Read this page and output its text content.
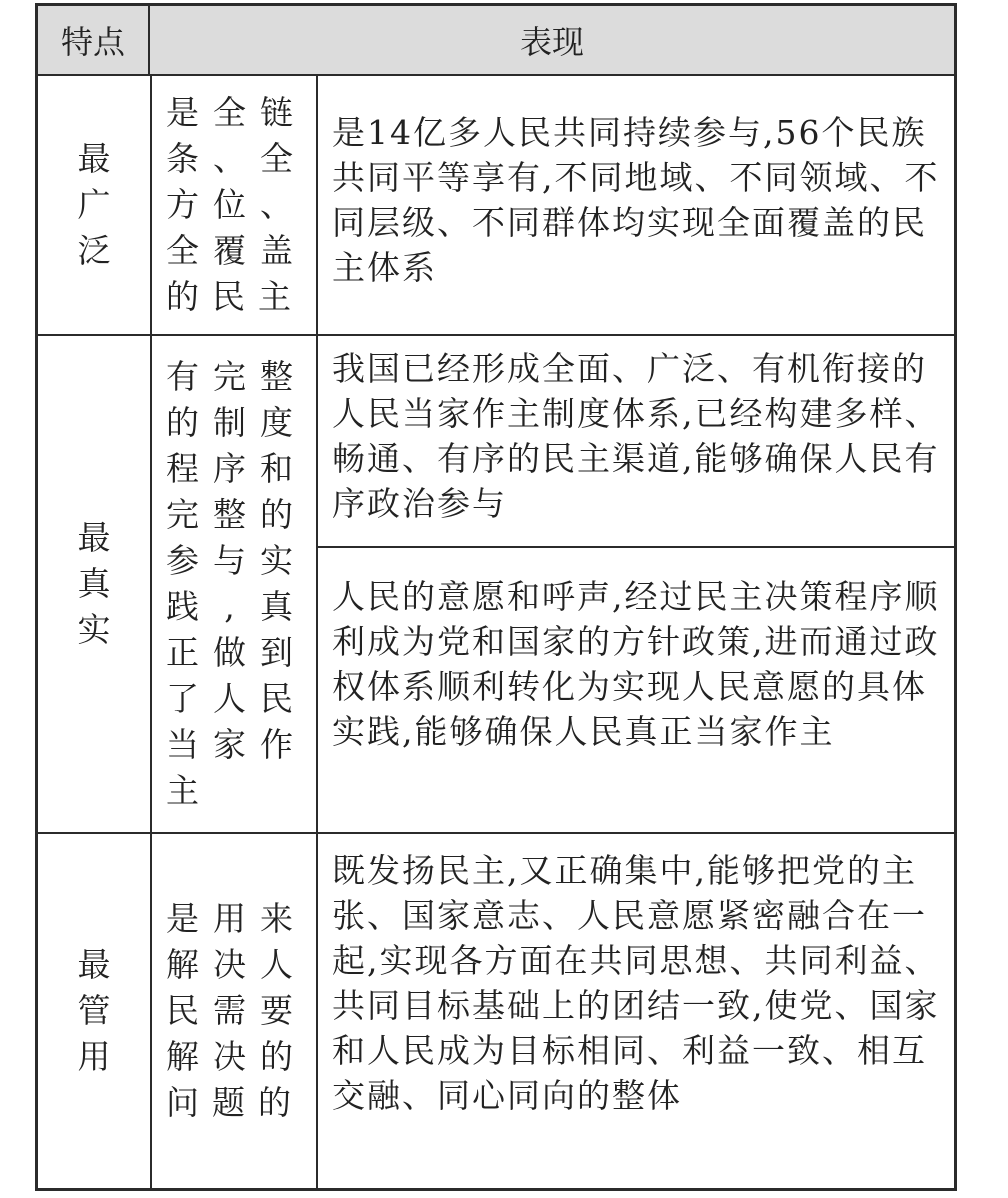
特点	表现
最广泛
是全链条、全方位、全覆盖的民主
是14亿多人民共同持续参与,56个民族共同平等享有,不同地域、不同领域、不同层级、不同群体均实现全面覆盖的民主体系
最真实
有完整的制度程序和完整的参与实践,真正做到了人民当家作主
我国已经形成全面、广泛、有机衔接的人民当家作主制度体系,已经构建多样、畅通、有序的民主渠道,能够确保人民有序政治参与
人民的意愿和呼声,经过民主决策程序顺利成为党和国家的方针政策,进而通过政权体系顺利转化为实现人民意愿的具体实践,能够确保人民真正当家作主
最管用
是用来解决人民需要解决的问题的
既发扬民主,又正确集中,能够把党的主张、国家意志、人民意愿紧密融合在一起,实现各方面在共同思想、共同利益、共同目标基础上的团结一致,使党、国家和人民成为目标相同、利益一致、相互交融、同心同向的整体
